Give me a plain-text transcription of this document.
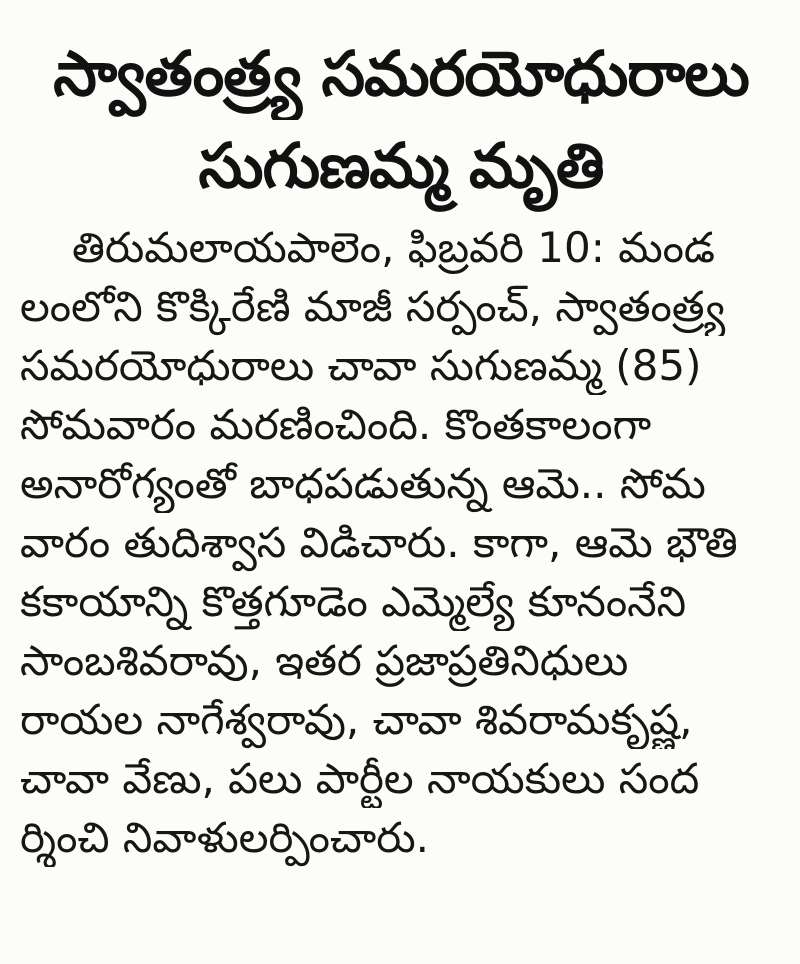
స్వాతంత్ర్య సమరయోధురాలు
సుగుణమ్మ మృతి
తిరుమలాయపాలెం, ఫిబ్రవరి 10: మండ
లంలోని కొక్కిరేణి మాజీ సర్పంచ్, స్వాతంత్ర్య
సమరయోధురాలు చావా సుగుణమ్మ (85)
సోమవారం మరణించింది. కొంతకాలంగా
అనారోగ్యంతో బాధపడుతున్న ఆమె.. సోమ
వారం తుదిశ్వాస విడిచారు. కాగా, ఆమె భౌతి
కకాయాన్ని కొత్తగూడెం ఎమ్మెల్యే కూనంనేని
సాంబశివరావు, ఇతర ప్రజాప్రతినిధులు
రాయల నాగేశ్వరావు, చావా శివరామకృష్ణ,
చావా వేణు, పలు పార్టీల నాయకులు సంద
ర్శించి నివాళులర్పించారు.
